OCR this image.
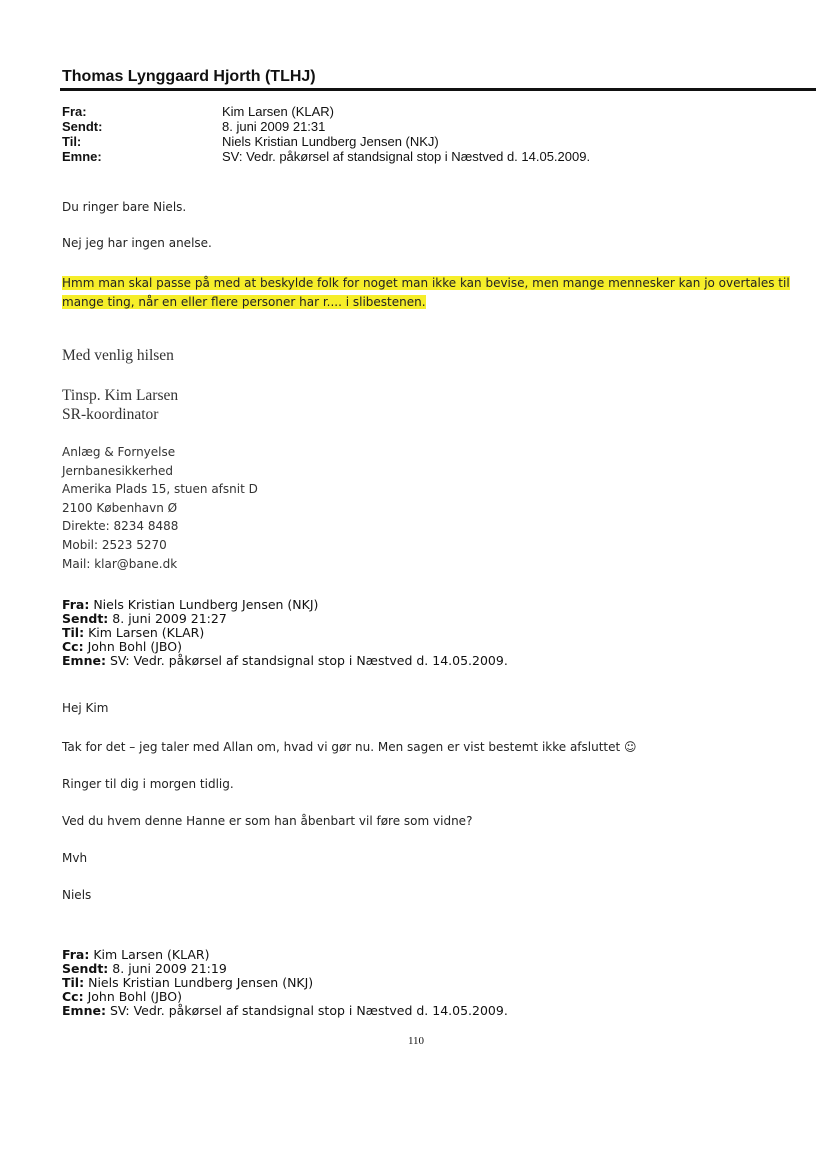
Thomas Lynggaard Hjorth (TLHJ)
Fra:	Kim Larsen (KLAR)
Sendt:	8. juni 2009 21:31
Til:	Niels Kristian Lundberg Jensen (NKJ)
Emne:	SV: Vedr. påkørsel af standsignal stop i Næstved d. 14.05.2009.
Du ringer bare Niels.
Nej jeg har ingen anelse.
Hmm man skal passe på med at beskylde folk for noget man ikke kan bevise, men mange mennesker kan jo overtales til
mange ting, når en eller flere personer har r.... i slibestenen.
Med venlig hilsen
Tinsp. Kim Larsen
SR-koordinator
Anlæg & Fornyelse
Jernbanesikkerhed
Amerika Plads 15, stuen afsnit D
2100 København Ø
Direkte: 8234 8488
Mobil: 2523 5270
Mail: klar@bane.dk
Fra: Niels Kristian Lundberg Jensen (NKJ)
Sendt: 8. juni 2009 21:27
Til: Kim Larsen (KLAR)
Cc: John Bohl (JBO)
Emne: SV: Vedr. påkørsel af standsignal stop i Næstved d. 14.05.2009.
Hej Kim
Tak for det – jeg taler med Allan om, hvad vi gør nu. Men sagen er vist bestemt ikke afsluttet ☺
Ringer til dig i morgen tidlig.
Ved du hvem denne Hanne er som han åbenbart vil føre som vidne?
Mvh
Niels
Fra: Kim Larsen (KLAR)
Sendt: 8. juni 2009 21:19
Til: Niels Kristian Lundberg Jensen (NKJ)
Cc: John Bohl (JBO)
Emne: SV: Vedr. påkørsel af standsignal stop i Næstved d. 14.05.2009.
110
